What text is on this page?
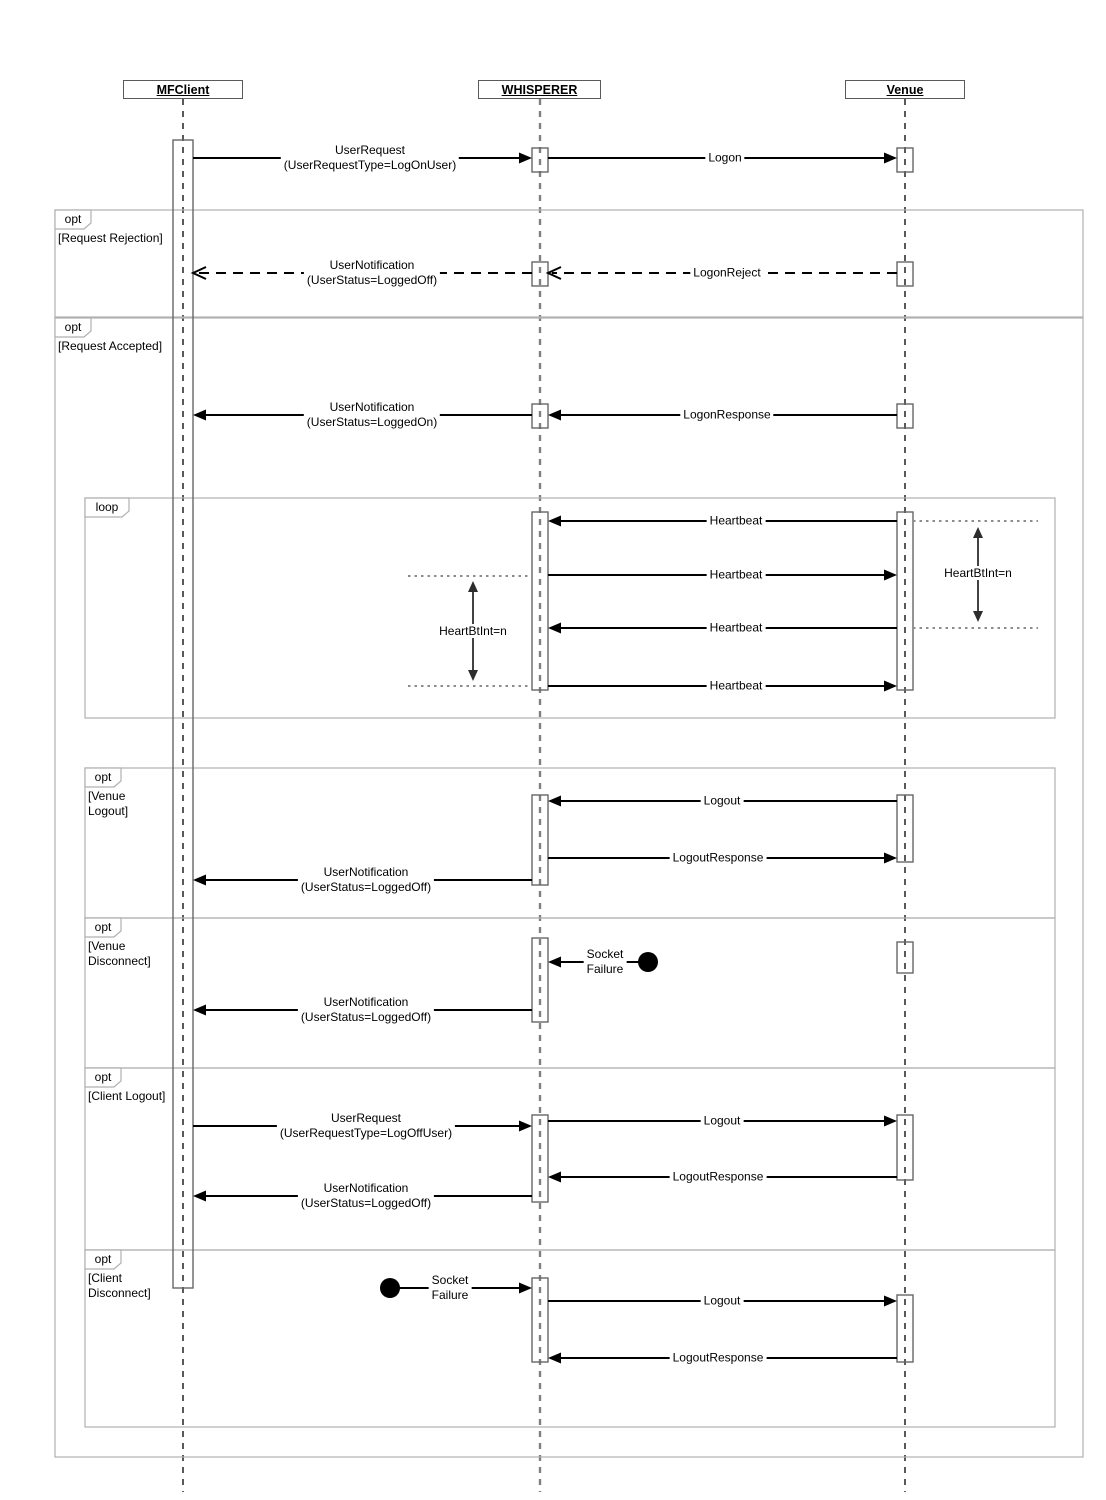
opt
[Request Rejection]
opt
[Request Accepted]
loop
opt
[Venue
Logout]
opt
[Venue
Disconnect]
opt
[Client Logout]
opt
[Client
Disconnect]
UserRequest
(UserRequestType=LogOnUser)
Logon
UserNotification
(UserStatus=LoggedOff)
LogonReject
UserNotification
(UserStatus=LoggedOn)
LogonResponse
Heartbeat
Heartbeat
Heartbeat
Heartbeat
Logout
LogoutResponse
UserNotification
(UserStatus=LoggedOff)
Socket
Failure
UserNotification
(UserStatus=LoggedOff)
UserRequest
(UserRequestType=LogOffUser)
Logout
LogoutResponse
UserNotification
(UserStatus=LoggedOff)
Socket
Failure	Logout
LogoutResponse
HeartBtInt=n
HeartBtInt=n
MFClient	WHISPERER	Venue
